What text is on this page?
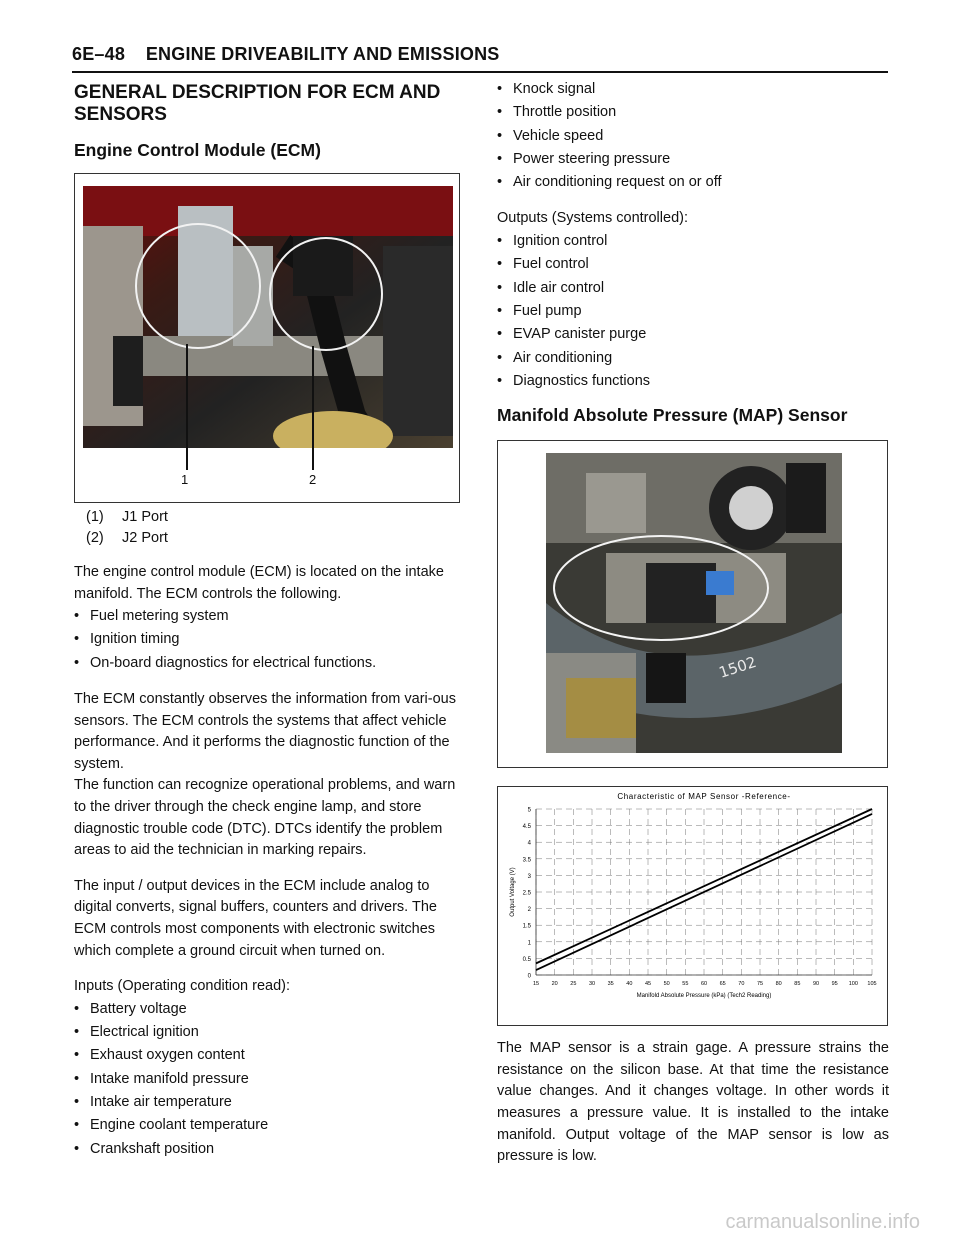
6E–48    ENGINE DRIVEABILITY AND EMISSIONS
GENERAL DESCRIPTION FOR ECM AND SENSORS
Engine Control Module (ECM)
1	2
(1) J1 Port
(2) J2 Port

The engine control module (ECM) is located on the intake manifold. The ECM controls the following.

• Fuel metering system
• Ignition timing
• On-board diagnostics for electrical functions.

The ECM constantly observes the information from vari-ous sensors. The ECM controls the systems that affect vehicle performance. And it performs the diagnostic function of the system.

The function can recognize operational problems, and warn to the driver through the check engine lamp, and store diagnostic trouble code (DTC). DTCs identify the problem areas to aid the technician in marking repairs.

The input / output devices in the ECM include analog to digital converts, signal buffers, counters and drivers. The ECM controls most components with electronic switches which complete a ground circuit when turned on.

Inputs (Operating condition read):

• Battery voltage
• Electrical ignition
• Exhaust oxygen content
• Intake manifold pressure
• Intake air temperature
• Engine coolant temperature
• Crankshaft position
• Knock signal
• Throttle position
• Vehicle speed
• Power steering pressure
• Air conditioning request on or off

Outputs (Systems controlled):

• Ignition control
• Fuel control
• Idle air control
• Fuel pump
• EVAP canister purge
• Air conditioning
• Diagnostics functions
Manifold Absolute Pressure (MAP) Sensor
1502
Characteristic of MAP Sensor -Reference-
0
0.5
1
1.5
2
2.5
3
3.5
4
4.5
5
15 20 25 30 35 40 45 50 55 60 65 70 75 80 85 90 95 100 105
Manifold Absolute Pressure (kPa) (Tech2 Reading)
Output Voltage (V)

The MAP sensor is a strain gage. A pressure strains the resistance on the silicon base. At that time the resistance value changes. And it changes voltage. In other words it measures a pressure value. It is installed to the intake manifold. Output voltage of the MAP sensor is low as pressure is low.

carmanualsonline.info
